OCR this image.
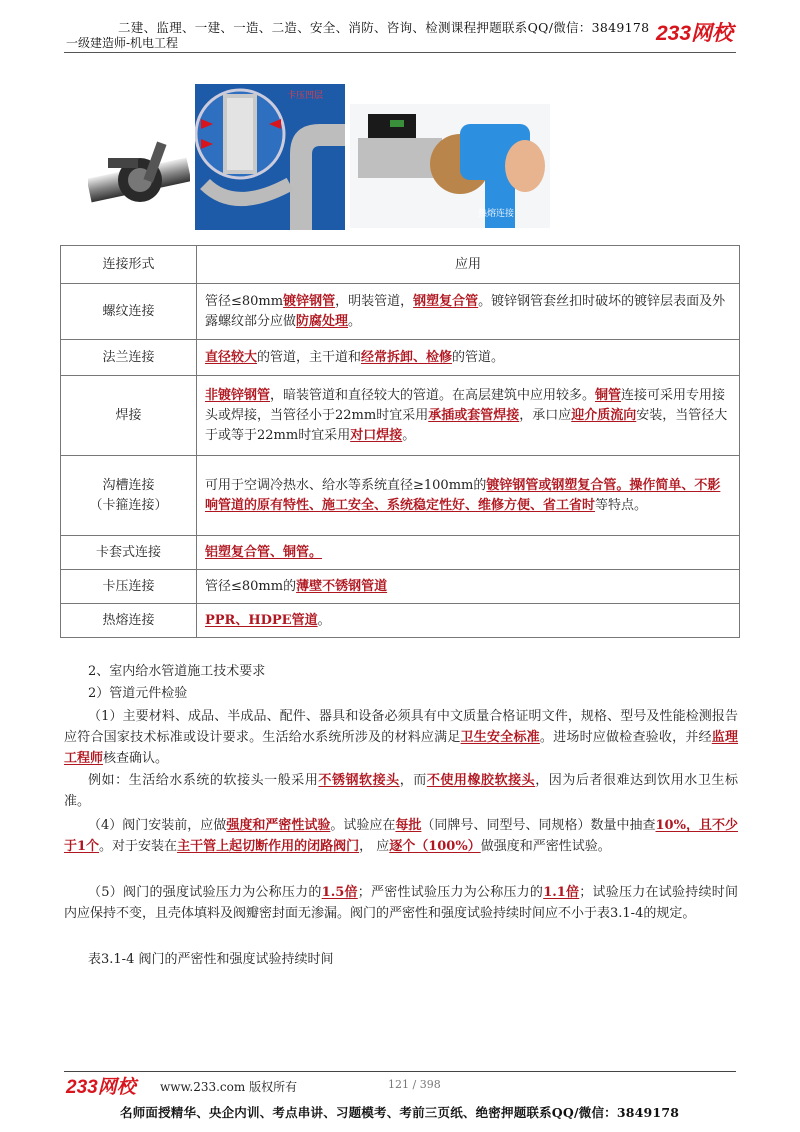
二建、监理、一建、一造、二造、安全、消防、咨询、检测课程押题联系QQ/微信：3849178
一级建造师-机电工程	233网校
卡压凹层
热熔连接
连接形式	应用
螺纹连接	管径≤80mm镀锌钢管，明装管道，钢塑复合管。镀锌钢管套丝扣时破坏的镀锌层表面及外露螺纹部分应做防腐处理。
法兰连接	直径较大的管道，主干道和经常拆卸、检修的管道。
焊接	非镀锌钢管，暗装管道和直径较大的管道。在高层建筑中应用较多。铜管连接可采用专用接头或焊接，当管径小于22mm时宜采用承插或套管焊接，承口应迎介质流向安装，当管径大于或等于22mm时宜采用对口焊接。
沟槽连接
（卡箍连接）	可用于空调冷热水、给水等系统直径≥100mm的镀锌钢管或钢塑复合管。操作简单、不影响管道的原有特性、施工安全、系统稳定性好、维修方便、省工省时等特点。
卡套式连接	铝塑复合管、铜管。
卡压连接	管径≤80mm的薄壁不锈钢管道
热熔连接	PPR、HDPE管道。
2、室内给水管道施工技术要求
2）管道元件检验
（1）主要材料、成品、半成品、配件、器具和设备必须具有中文质量合格证明文件，规格、型号及性能检测报告应符合国家技术标准或设计要求。生活给水系统所涉及的材料应满足卫生安全标准。进场时应做检查验收，并经监理工程师核查确认。
例如：生活给水系统的软接头一般采用不锈钢软接头，而不使用橡胶软接头，因为后者很难达到饮用水卫生标准。
（4）阀门安装前，应做强度和严密性试验。试验应在每批（同牌号、同型号、同规格）数量中抽查10%，且不少于1个。对于安装在主干管上起切断作用的闭路阀门， 应逐个（100%）做强度和严密性试验。
（5）阀门的强度试验压力为公称压力的1.5倍；严密性试验压力为公称压力的1.1倍；试验压力在试验持续时间内应保持不变，且壳体填料及阀瓣密封面无渗漏。阀门的严密性和强度试验持续时间应不小于表3.1-4的规定。
表3.1-4 阀门的严密性和强度试验持续时间
233网校 www.233.com 版权所有	121 / 398
名师面授精华、央企内训、考点串讲、习题模考、考前三页纸、绝密押题联系QQ/微信：3849178
